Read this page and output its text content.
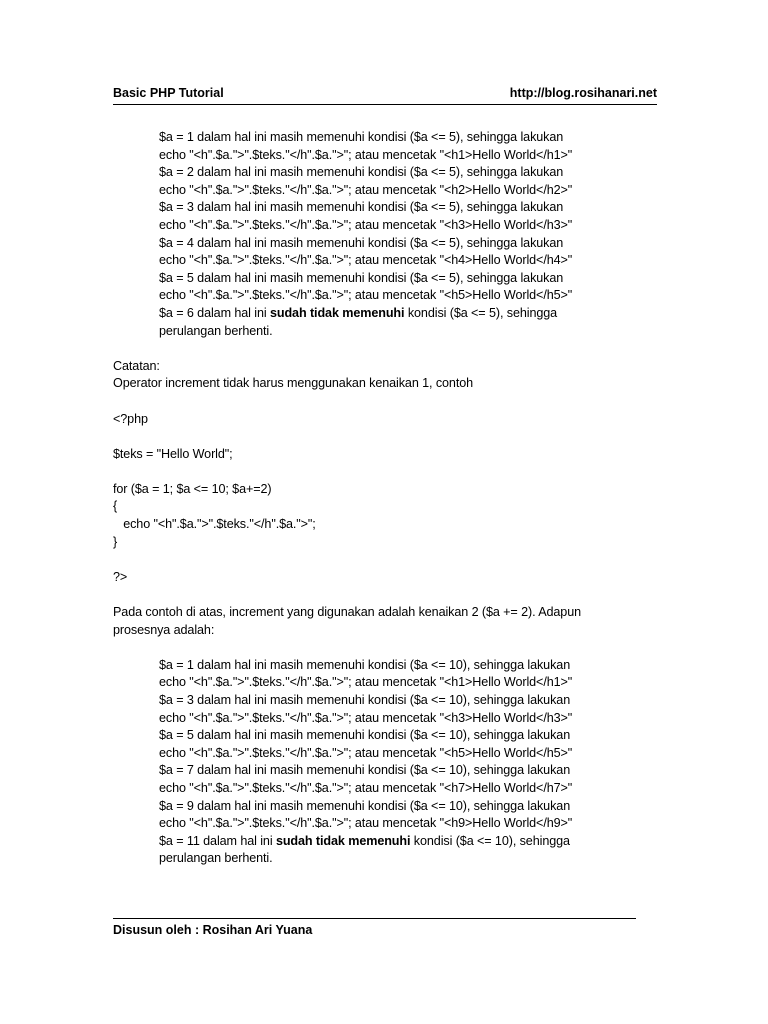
Basic PHP Tutorial	http://blog.rosihanari.net
$a = 1 dalam hal ini masih memenuhi kondisi ($a <= 5), sehingga lakukan
echo "<h".$a.">".$teks."</h".$a.">"; atau mencetak "<h1>Hello World</h1>"
$a = 2 dalam hal ini masih memenuhi kondisi ($a <= 5), sehingga lakukan
echo "<h".$a.">".$teks."</h".$a.">"; atau mencetak "<h2>Hello World</h2>"
$a = 3 dalam hal ini masih memenuhi kondisi ($a <= 5), sehingga lakukan
echo "<h".$a.">".$teks."</h".$a.">"; atau mencetak "<h3>Hello World</h3>"
$a = 4 dalam hal ini masih memenuhi kondisi ($a <= 5), sehingga lakukan
echo "<h".$a.">".$teks."</h".$a.">"; atau mencetak "<h4>Hello World</h4>"
$a = 5 dalam hal ini masih memenuhi kondisi ($a <= 5), sehingga lakukan
echo "<h".$a.">".$teks."</h".$a.">"; atau mencetak "<h5>Hello World</h5>"
$a = 6 dalam hal ini sudah tidak memenuhi kondisi ($a <= 5), sehingga
perulangan berhenti.
Catatan:
Operator increment tidak harus menggunakan kenaikan 1, contoh
<?php
$teks = "Hello World";
for ($a = 1; $a <= 10; $a+=2)
{
echo "<h".$a.">".$teks."</h".$a.">";
}
?>
Pada contoh di atas, increment yang digunakan adalah kenaikan 2 ($a += 2). Adapun
prosesnya adalah:
$a = 1 dalam hal ini masih memenuhi kondisi ($a <= 10), sehingga lakukan
echo "<h".$a.">".$teks."</h".$a.">"; atau mencetak "<h1>Hello World</h1>"
$a = 3 dalam hal ini masih memenuhi kondisi ($a <= 10), sehingga lakukan
echo "<h".$a.">".$teks."</h".$a.">"; atau mencetak "<h3>Hello World</h3>"
$a = 5 dalam hal ini masih memenuhi kondisi ($a <= 10), sehingga lakukan
echo "<h".$a.">".$teks."</h".$a.">"; atau mencetak "<h5>Hello World</h5>"
$a = 7 dalam hal ini masih memenuhi kondisi ($a <= 10), sehingga lakukan
echo "<h".$a.">".$teks."</h".$a.">"; atau mencetak "<h7>Hello World</h7>"
$a = 9 dalam hal ini masih memenuhi kondisi ($a <= 10), sehingga lakukan
echo "<h".$a.">".$teks."</h".$a.">"; atau mencetak "<h9>Hello World</h9>"
$a = 11 dalam hal ini sudah tidak memenuhi kondisi ($a <= 10), sehingga
perulangan berhenti.
Disusun oleh : Rosihan Ari Yuana
